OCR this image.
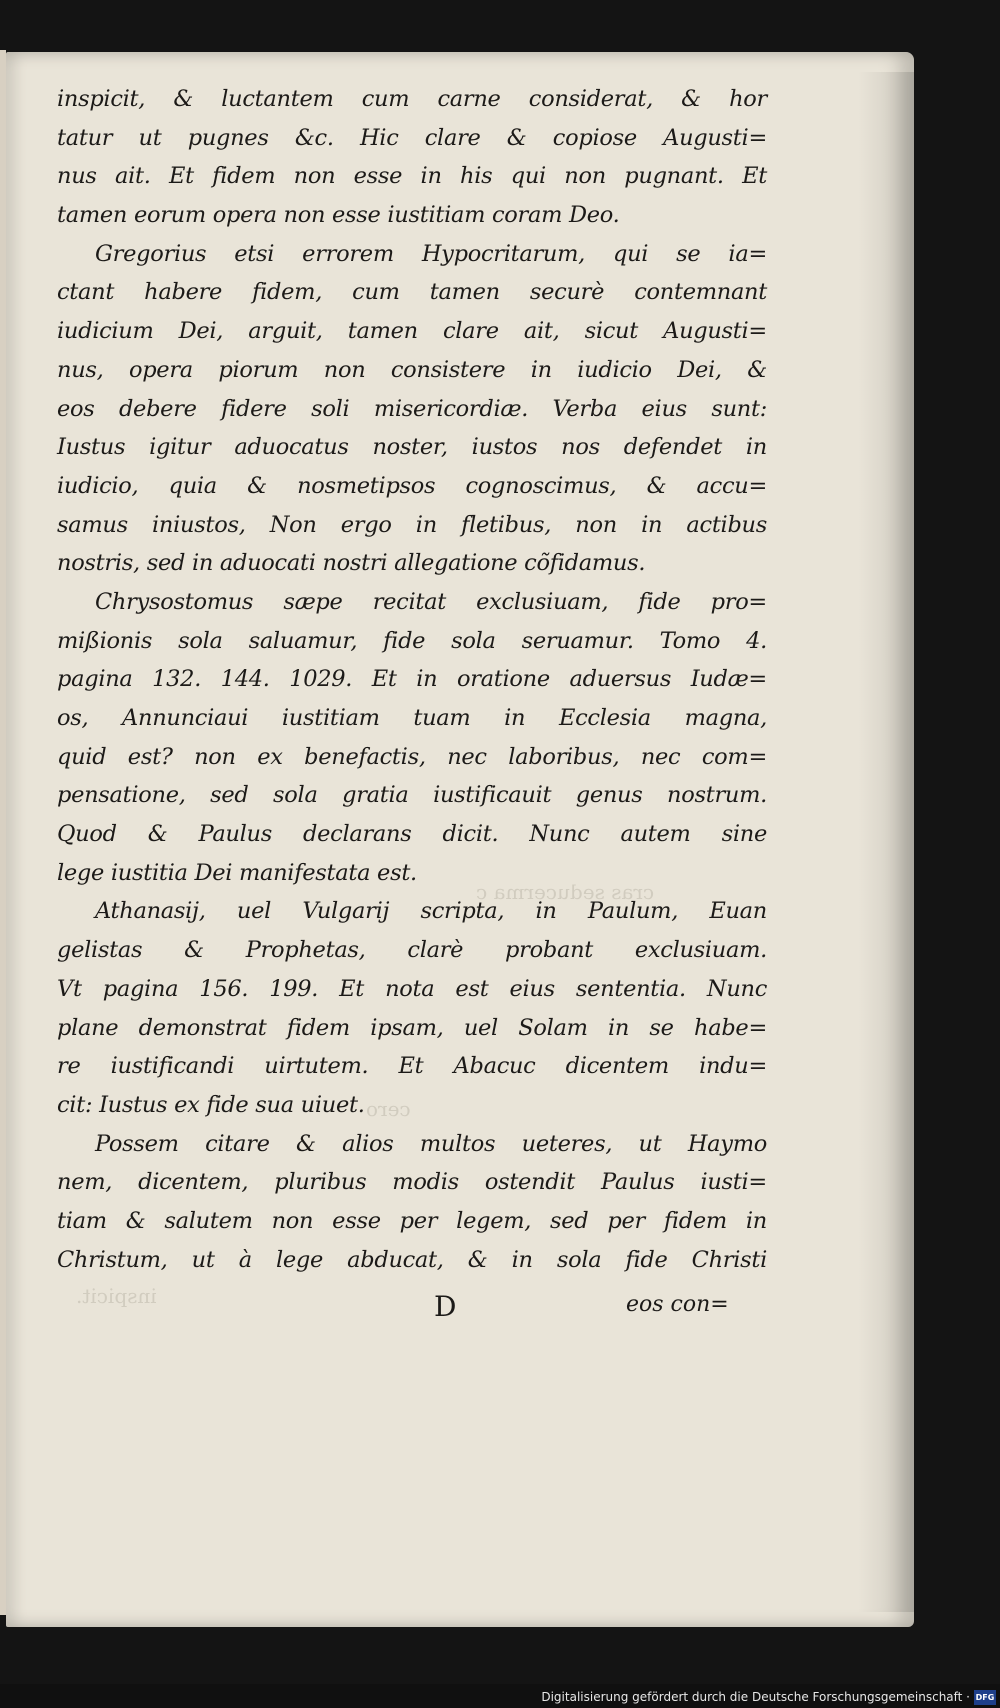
cras seducerma c
cero
inspicit.
inspicit, & luctantem cum carne considerat, & hor
tatur ut pugnes &c. Hic clare & copiose Augusti=
nus ait. Et fidem non esse in his qui non pugnant. Et
tamen eorum opera non esse iustitiam coram Deo.
Gregorius etsi errorem Hypocritarum, qui se ia=
ctant habere fidem, cum tamen securè contemnant
iudicium Dei, arguit, tamen clare ait, sicut Augusti=
nus, opera piorum non consistere in iudicio Dei, &
eos debere fidere soli misericordiæ. Verba eius sunt:
Iustus igitur aduocatus noster, iustos nos defendet in
iudicio, quia & nosmetipsos cognoscimus, & accu=
samus iniustos, Non ergo in fletibus, non in actibus
nostris, sed in aduocati nostri allegatione cõfidamus.
Chrysostomus sæpe recitat exclusiuam, fide pro=
mißionis sola saluamur, fide sola seruamur. Tomo 4.
pagina 132. 144. 1029. Et in oratione aduersus Iudæ=
os, Annunciaui iustitiam tuam in Ecclesia magna,
quid est? non ex benefactis, nec laboribus, nec com=
pensatione, sed sola gratia iustificauit genus nostrum.
Quod & Paulus declarans dicit. Nunc autem sine
lege iustitia Dei manifestata est.
Athanasij, uel Vulgarij scripta, in Paulum, Euan
gelistas & Prophetas, clarè probant exclusiuam.
Vt pagina 156. 199. Et nota est eius sententia. Nunc
plane demonstrat fidem ipsam, uel Solam in se habe=
re iustificandi uirtutem. Et Abacuc dicentem indu=
cit: Iustus ex fide sua uiuet.
Possem citare & alios multos ueteres, ut Haymo
nem, dicentem, pluribus modis ostendit Paulus iusti=
tiam & salutem non esse per legem, sed per fidem in
Christum, ut à lege abducat, & in sola fide Christi
D	eos con=
Digitalisierung gefördert durch die Deutsche Forschungsgemeinschaft · DFG
